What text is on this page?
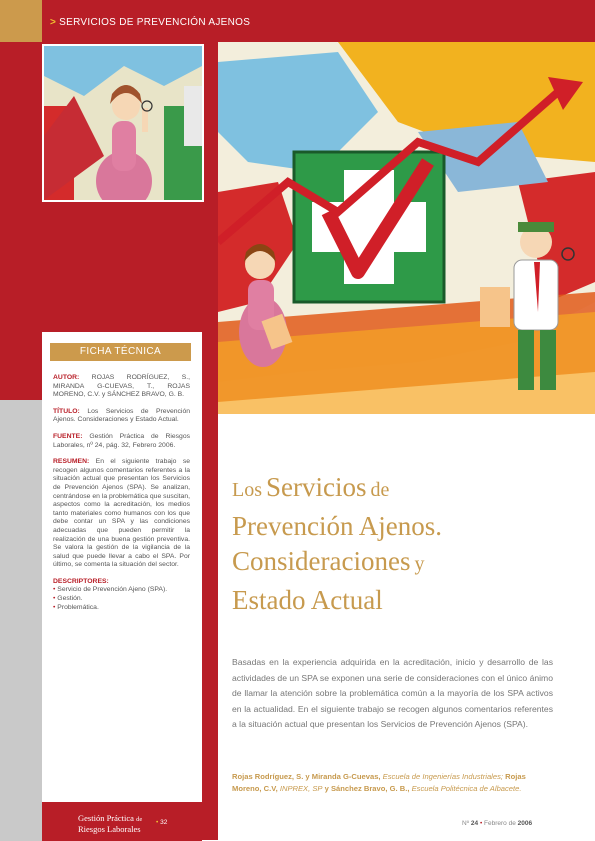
> SERVICIOS DE PREVENCIÓN AJENOS
FICHA TÉCNICA

AUTOR: ROJAS RODRÍGUEZ, S., MIRANDA G-CUEVAS, T., ROJAS MORENO, C.V. y SÁNCHEZ BRAVO, G. B.

TÍTULO: Los Servicios de Prevención Ajenos. Consideraciones y Estado Actual.

FUENTE: Gestión Práctica de Riesgos Laborales, nº 24, pág. 32, Febrero 2006.

RESUMEN: En el siguiente trabajo se recogen algunos comentarios referentes a la situación actual que presentan los Servicios de Prevención Ajenos (SPA). Se analizan, centrándose en la problemática que suscitan, aspectos como la acreditación, los medios tanto materiales como humanos con los que debe contar un SPA y las condiciones adecuadas que pueden permitir la realización de una buena gestión preventiva. Se valora la gestión de la vigilancia de la salud que puede llevar a cabo el SPA. Por último, se comenta la situación del sector.

DESCRIPTORES:
• Servicio de Prevención Ajeno (SPA).
• Gestión.
• Problemática.
Los Servicios de
Prevención Ajenos.
Consideraciones y
Estado Actual
Basadas en la experiencia adquirida en la acreditación, inicio y desarrollo de las actividades de un SPA se exponen una serie de consideraciones con el único ánimo de llamar la atención sobre la problemática común a la mayoría de los SPA activos en la actualidad. En el siguiente trabajo se recogen algunos comentarios referentes a la situación actual que presentan los Servicios de Prevención Ajenos (SPA).
Rojas Rodríguez, S. y Miranda G-Cuevas, Escuela de Ingenierías Industriales; Rojas Moreno, C.V, INPREX, SP y Sánchez Bravo, G. B., Escuela Politécnica de Albacete.
Gestión Práctica de
Riesgos Laborales
• 32	Nº 24 • Febrero de 2006
